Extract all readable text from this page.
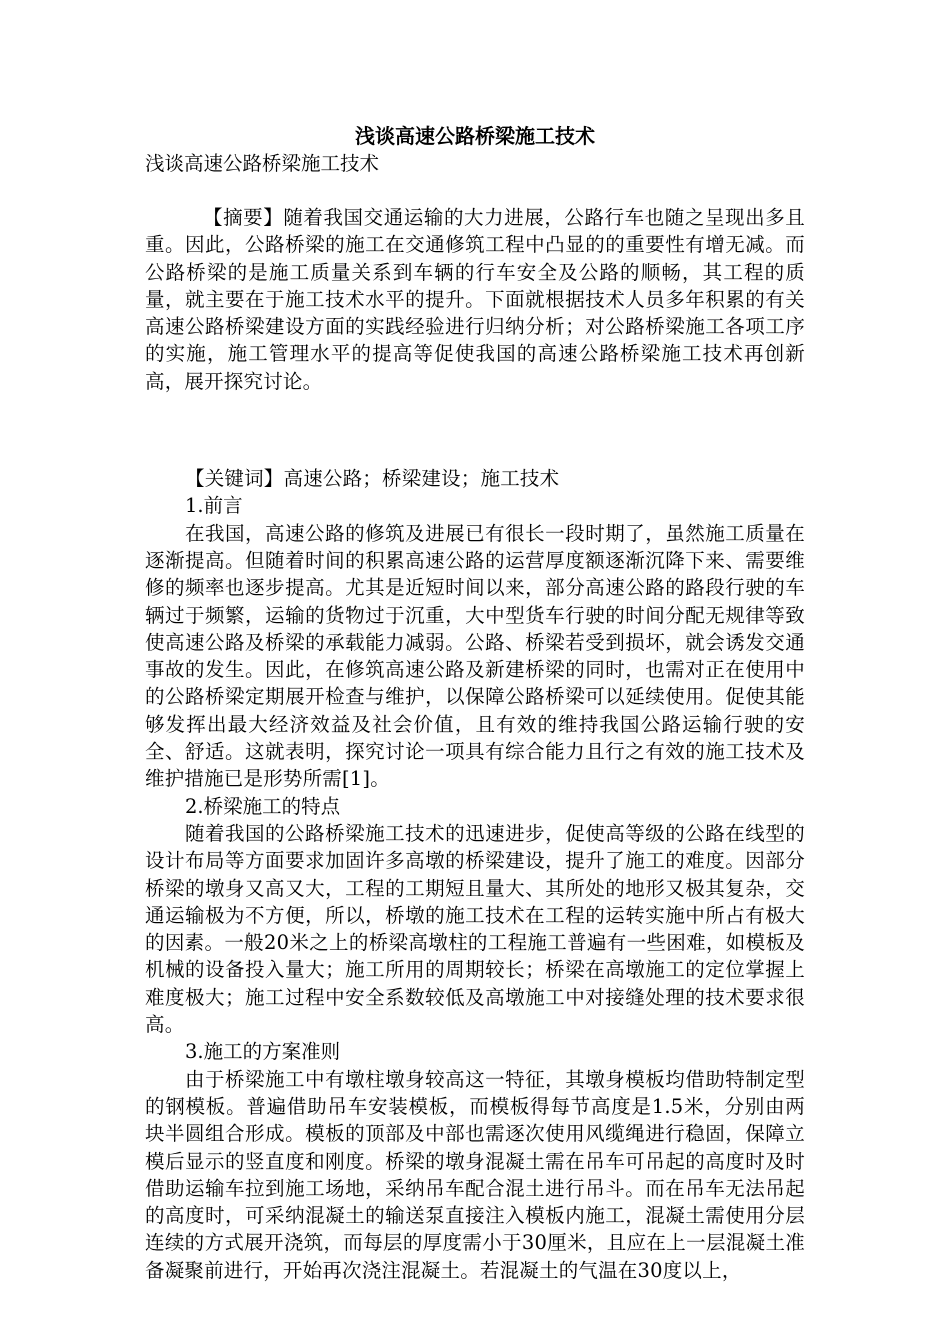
浅谈高速公路桥梁施工技术

浅谈高速公路桥梁施工技术

【摘要】随着我国交通运输的大力进展，公路行车也随之呈现出多且重。因此，公路桥梁的施工在交通修筑工程中凸显的的重要性有增无减。而公路桥梁的是施工质量关系到车辆的行车安全及公路的顺畅，其工程的质量，就主要在于施工技术水平的提升。下面就根据技术人员多年积累的有关高速公路桥梁建设方面的实践经验进行归纳分析；对公路桥梁施工各项工序的实施，施工管理水平的提高等促使我国的高速公路桥梁施工技术再创新高，展开探究讨论。

【关键词】高速公路；桥梁建设；施工技术

1.前言

在我国，高速公路的修筑及进展已有很长一段时期了，虽然施工质量在逐渐提高。但随着时间的积累高速公路的运营厚度额逐渐沉降下来、需要维修的频率也逐步提高。尤其是近短时间以来，部分高速公路的路段行驶的车辆过于频繁，运输的货物过于沉重，大中型货车行驶的时间分配无规律等致使高速公路及桥梁的承载能力减弱。公路、桥梁若受到损坏，就会诱发交通事故的发生。因此，在修筑高速公路及新建桥梁的同时，也需对正在使用中的公路桥梁定期展开检查与维护，以保障公路桥梁可以延续使用。促使其能够发挥出最大经济效益及社会价值，且有效的维持我国公路运输行驶的安全、舒适。这就表明，探究讨论一项具有综合能力且行之有效的施工技术及维护措施已是形势所需[1]。

2.桥梁施工的特点

随着我国的公路桥梁施工技术的迅速进步，促使高等级的公路在线型的设计布局等方面要求加固许多高墩的桥梁建设，提升了施工的难度。因部分桥梁的墩身又高又大，工程的工期短且量大、其所处的地形又极其复杂，交通运输极为不方便，所以，桥墩的施工技术在工程的运转实施中所占有极大的因素。一般20米之上的桥梁高墩柱的工程施工普遍有一些困难，如模板及机械的设备投入量大；施工所用的周期较长；桥梁在高墩施工的定位掌握上难度极大；施工过程中安全系数较低及高墩施工中对接缝处理的技术要求很高。

3.施工的方案准则

由于桥梁施工中有墩柱墩身较高这一特征，其墩身模板均借助特制定型的钢模板。普遍借助吊车安装模板，而模板得每节高度是1.5米，分别由两块半圆组合形成。模板的顶部及中部也需逐次使用风缆绳进行稳固，保障立模后显示的竖直度和刚度。桥梁的墩身混凝土需在吊车可吊起的高度时及时借助运输车拉到施工场地，采纳吊车配合混土进行吊斗。而在吊车无法吊起的高度时，可采纳混凝土的输送泵直接注入模板内施工，混凝土需使用分层连续的方式展开浇筑，而每层的厚度需小于30厘米，且应在上一层混凝土准备凝聚前进行，开始再次浇注混凝土。若混凝土的气温在30度以上，
